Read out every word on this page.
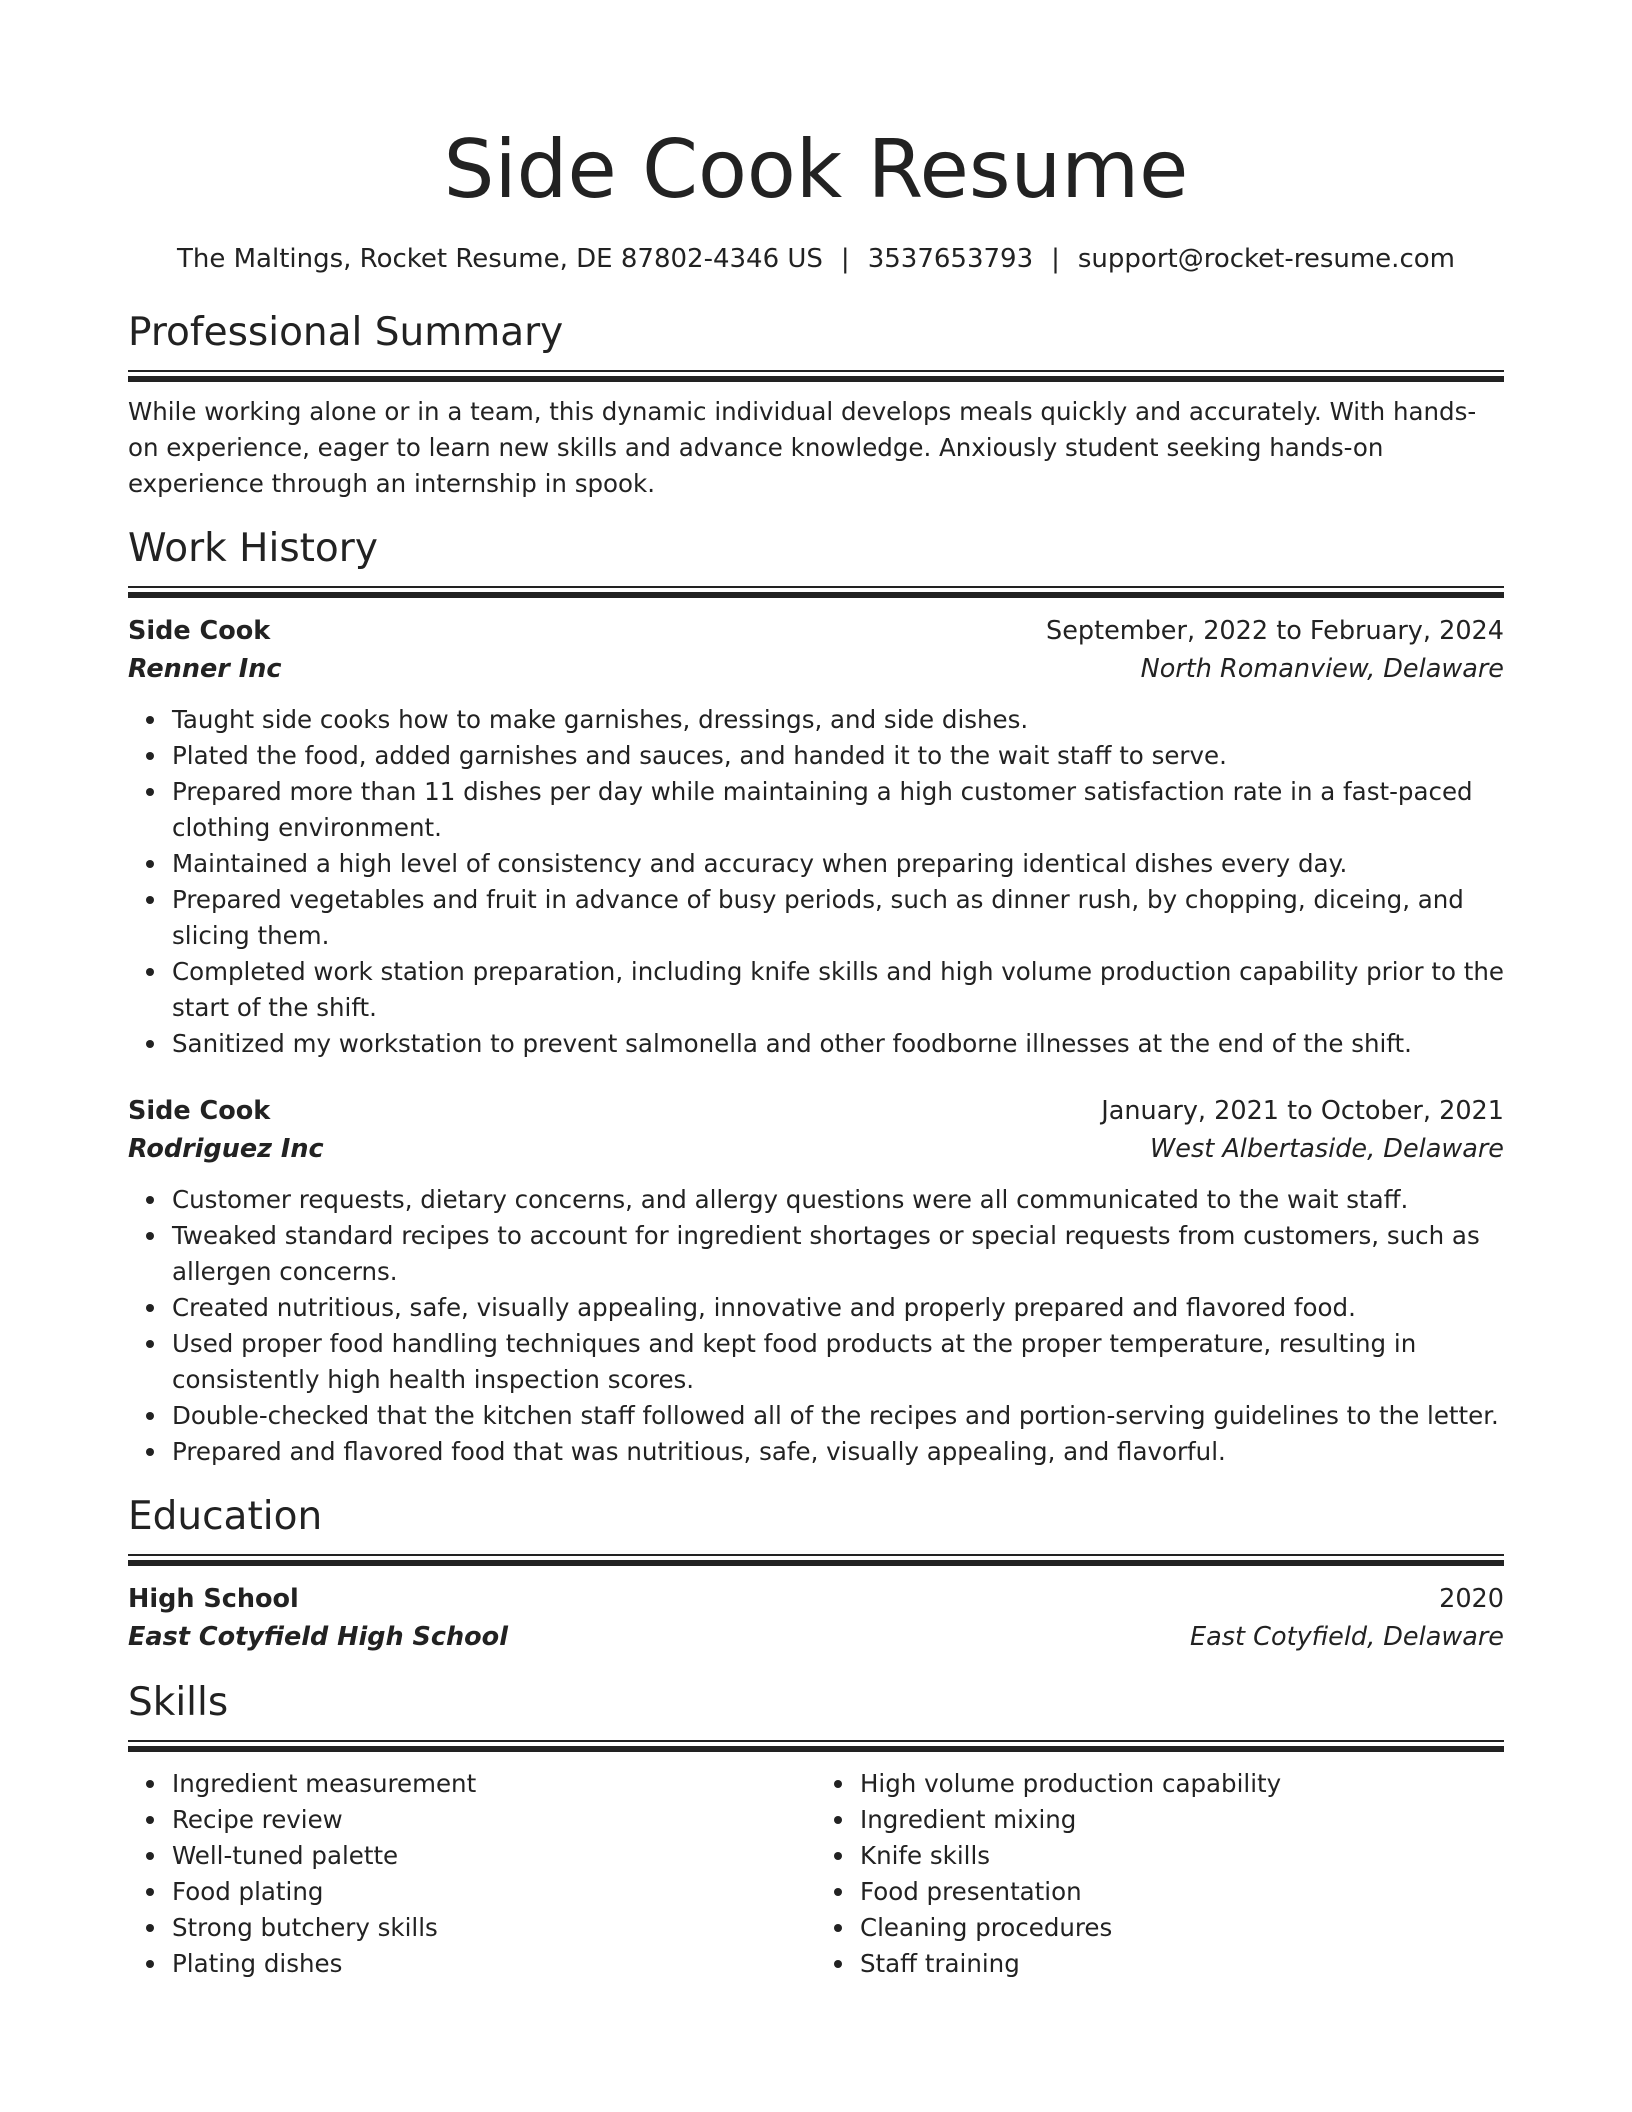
Side Cook Resume
The Maltings, Rocket Resume, DE 87802-4346 US | 3537653793 | support@rocket-resume.com
Professional Summary

While working alone or in a team, this dynamic individual develops meals quickly and accurately. With hands-on experience, eager to learn new skills and advance knowledge. Anxiously student seeking hands-on experience through an internship in spook.

Work History
Side Cook	September, 2022 to February, 2024
Renner Inc	North Romanview, Delaware
Taught side cooks how to make garnishes, dressings, and side dishes.
Plated the food, added garnishes and sauces, and handed it to the wait staff to serve.
Prepared more than 11 dishes per day while maintaining a high customer satisfaction rate in a fast-paced clothing environment.
Maintained a high level of consistency and accuracy when preparing identical dishes every day.
Prepared vegetables and fruit in advance of busy periods, such as dinner rush, by chopping, diceing, and slicing them.
Completed work station preparation, including knife skills and high volume production capability prior to the start of the shift.
Sanitized my workstation to prevent salmonella and other foodborne illnesses at the end of the shift.
Side Cook	January, 2021 to October, 2021
Rodriguez Inc	West Albertaside, Delaware
Customer requests, dietary concerns, and allergy questions were all communicated to the wait staff.
Tweaked standard recipes to account for ingredient shortages or special requests from customers, such as allergen concerns.
Created nutritious, safe, visually appealing, innovative and properly prepared and flavored food.
Used proper food handling techniques and kept food products at the proper temperature, resulting in consistently high health inspection scores.
Double-checked that the kitchen staff followed all of the recipes and portion-serving guidelines to the letter.
Prepared and flavored food that was nutritious, safe, visually appealing, and flavorful.
Education
High School	2020
East Cotyfield High School	East Cotyfield, Delaware
Skills
Ingredient measurement
Recipe review
Well-tuned palette
Food plating
Strong butchery skills
Plating dishes
High volume production capability
Ingredient mixing
Knife skills
Food presentation
Cleaning procedures
Staff training
